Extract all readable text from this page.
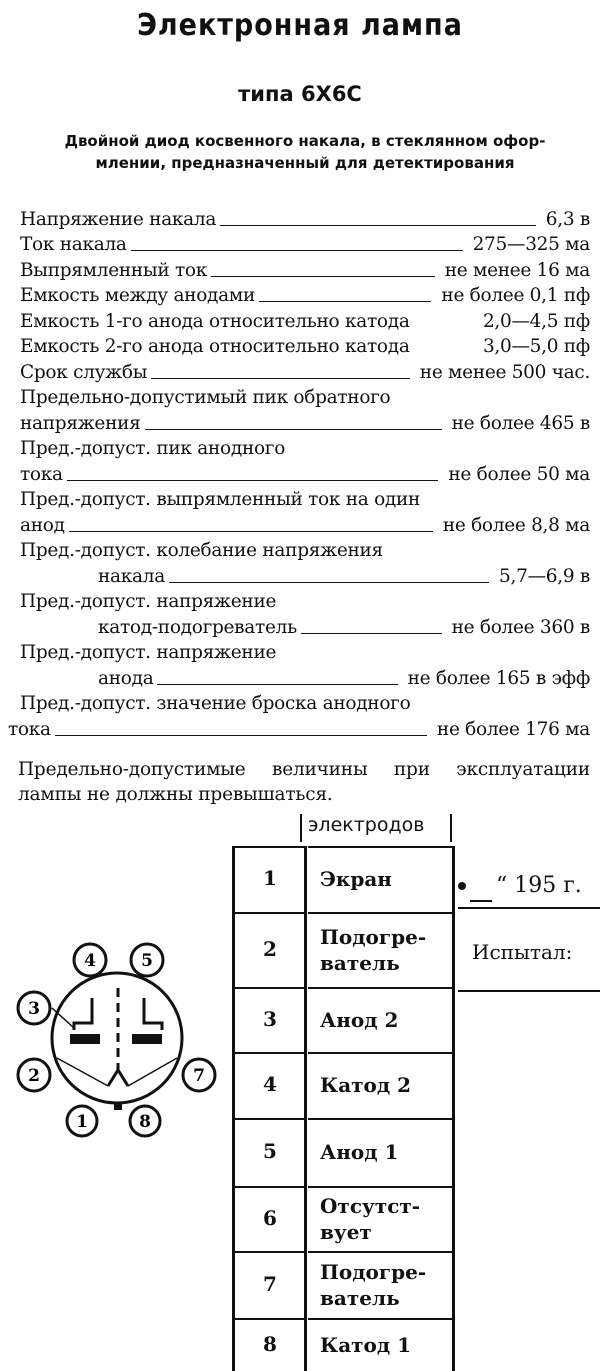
Электронная лампа
типа 6Х6С
Двойной диод косвенного накала, в стеклянном офор-
млении, предназначенный для детектирования
Напряжение накала	6,3 в
Ток накала	275—325 ма
Выпрямленный ток	не менее 16 ма
Емкость между анодами	не более 0,1 пф
Емкость 1-го анода относительно катода	2,0—4,5 пф
Емкость 2-го анода относительно катода	3,0—5,0 пф
Срок службы	не менее 500 час.
Предельно-допустимый пик обратного
напряжения	не более 465 в
Пред.-допуст. пик анодного
тока	не более 50 ма
Пред.-допуст. выпрямленный ток на один
анод	не более 8,8 ма
Пред.-допуст. колебание напряжения
накала	5,7—6,9 в
Пред.-допуст. напряжение
катод-подогреватель	не более 360 в
Пред.-допуст. напряжение
анода	не более 165 в эфф
Пред.-допуст. значение броска анодного
тока	не более 176 ма
Предельно-допустимые величины при эксплуатации лампы не должны превышаться.
электродов
1	Экран
2	Подогре-
ватель
3	Анод 2
4	Катод 2
5	Анод 1
6	Отсутст-
вует
7	Подогре-
ватель
8	Катод 1
“ 195 г.
Испытал:
4	5
3
2	7
1	8
